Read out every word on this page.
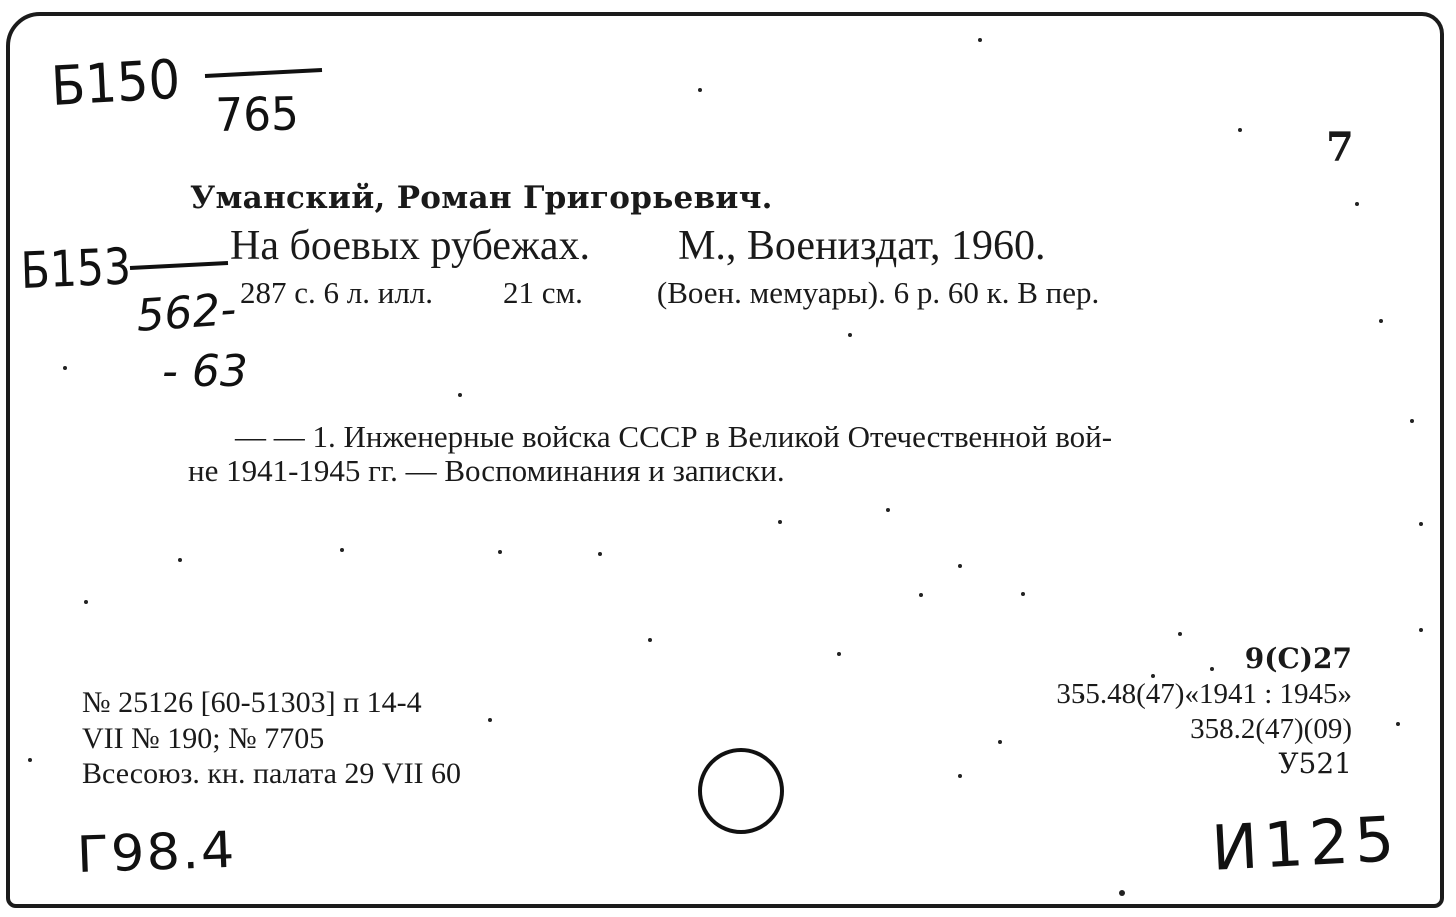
7
Б150 765
Б153
562-
- 63
Уманский, Роман Григорьевич.
На боевых рубежах. М., Воениздат, 1960.
287 с. 6 л. илл. 21 см. (Воен. мемуары). 6 р. 60 к. В пер.
— — 1. Инженерные войска СССР в Великой Отечественной вой-
не 1941-1945 гг. — Воспоминания и записки.
№ 25126 [60-51303] п 14-4
VII № 190; № 7705
Всесоюз. кн. палата 29 VII 60
9(С)27
355.48(47)«1941 : 1945»
358.2(47)(09)
У521
Г98.4	И125
